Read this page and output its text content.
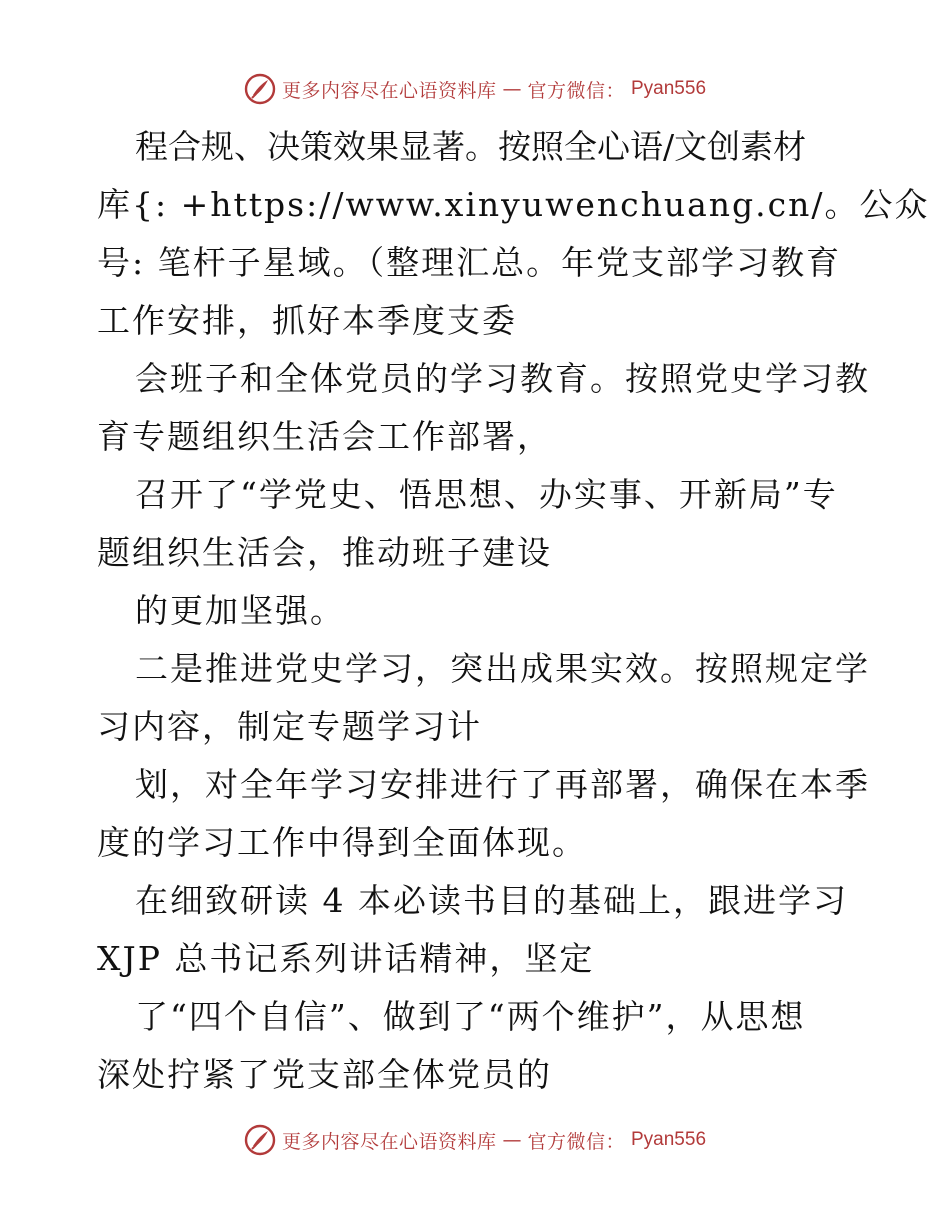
更多内容尽在心语资料库 — 官方微信： Pyan556
程合规、决策效果显著。按照全心语/文创素材
库{: +https://www.xinyuwenchuang.cn/。公众
号: 笔杆子星域。（整理汇总。年党支部学习教育
工作安排，抓好本季度支委
会班子和全体党员的学习教育。按照党史学习教
育专题组织生活会工作部署，
召开了“学党史、悟思想、办实事、开新局”专
题组织生活会，推动班子建设
的更加坚强。
二是推进党史学习，突出成果实效。按照规定学
习内容，制定专题学习计
划，对全年学习安排进行了再部署，确保在本季
度的学习工作中得到全面体现。
在细致研读 4 本必读书目的基础上，跟进学习
XJP 总书记系列讲话精神，坚定
了“四个自信”、做到了“两个维护”，从思想
深处拧紧了党支部全体党员的
更多内容尽在心语资料库 — 官方微信： Pyan556
